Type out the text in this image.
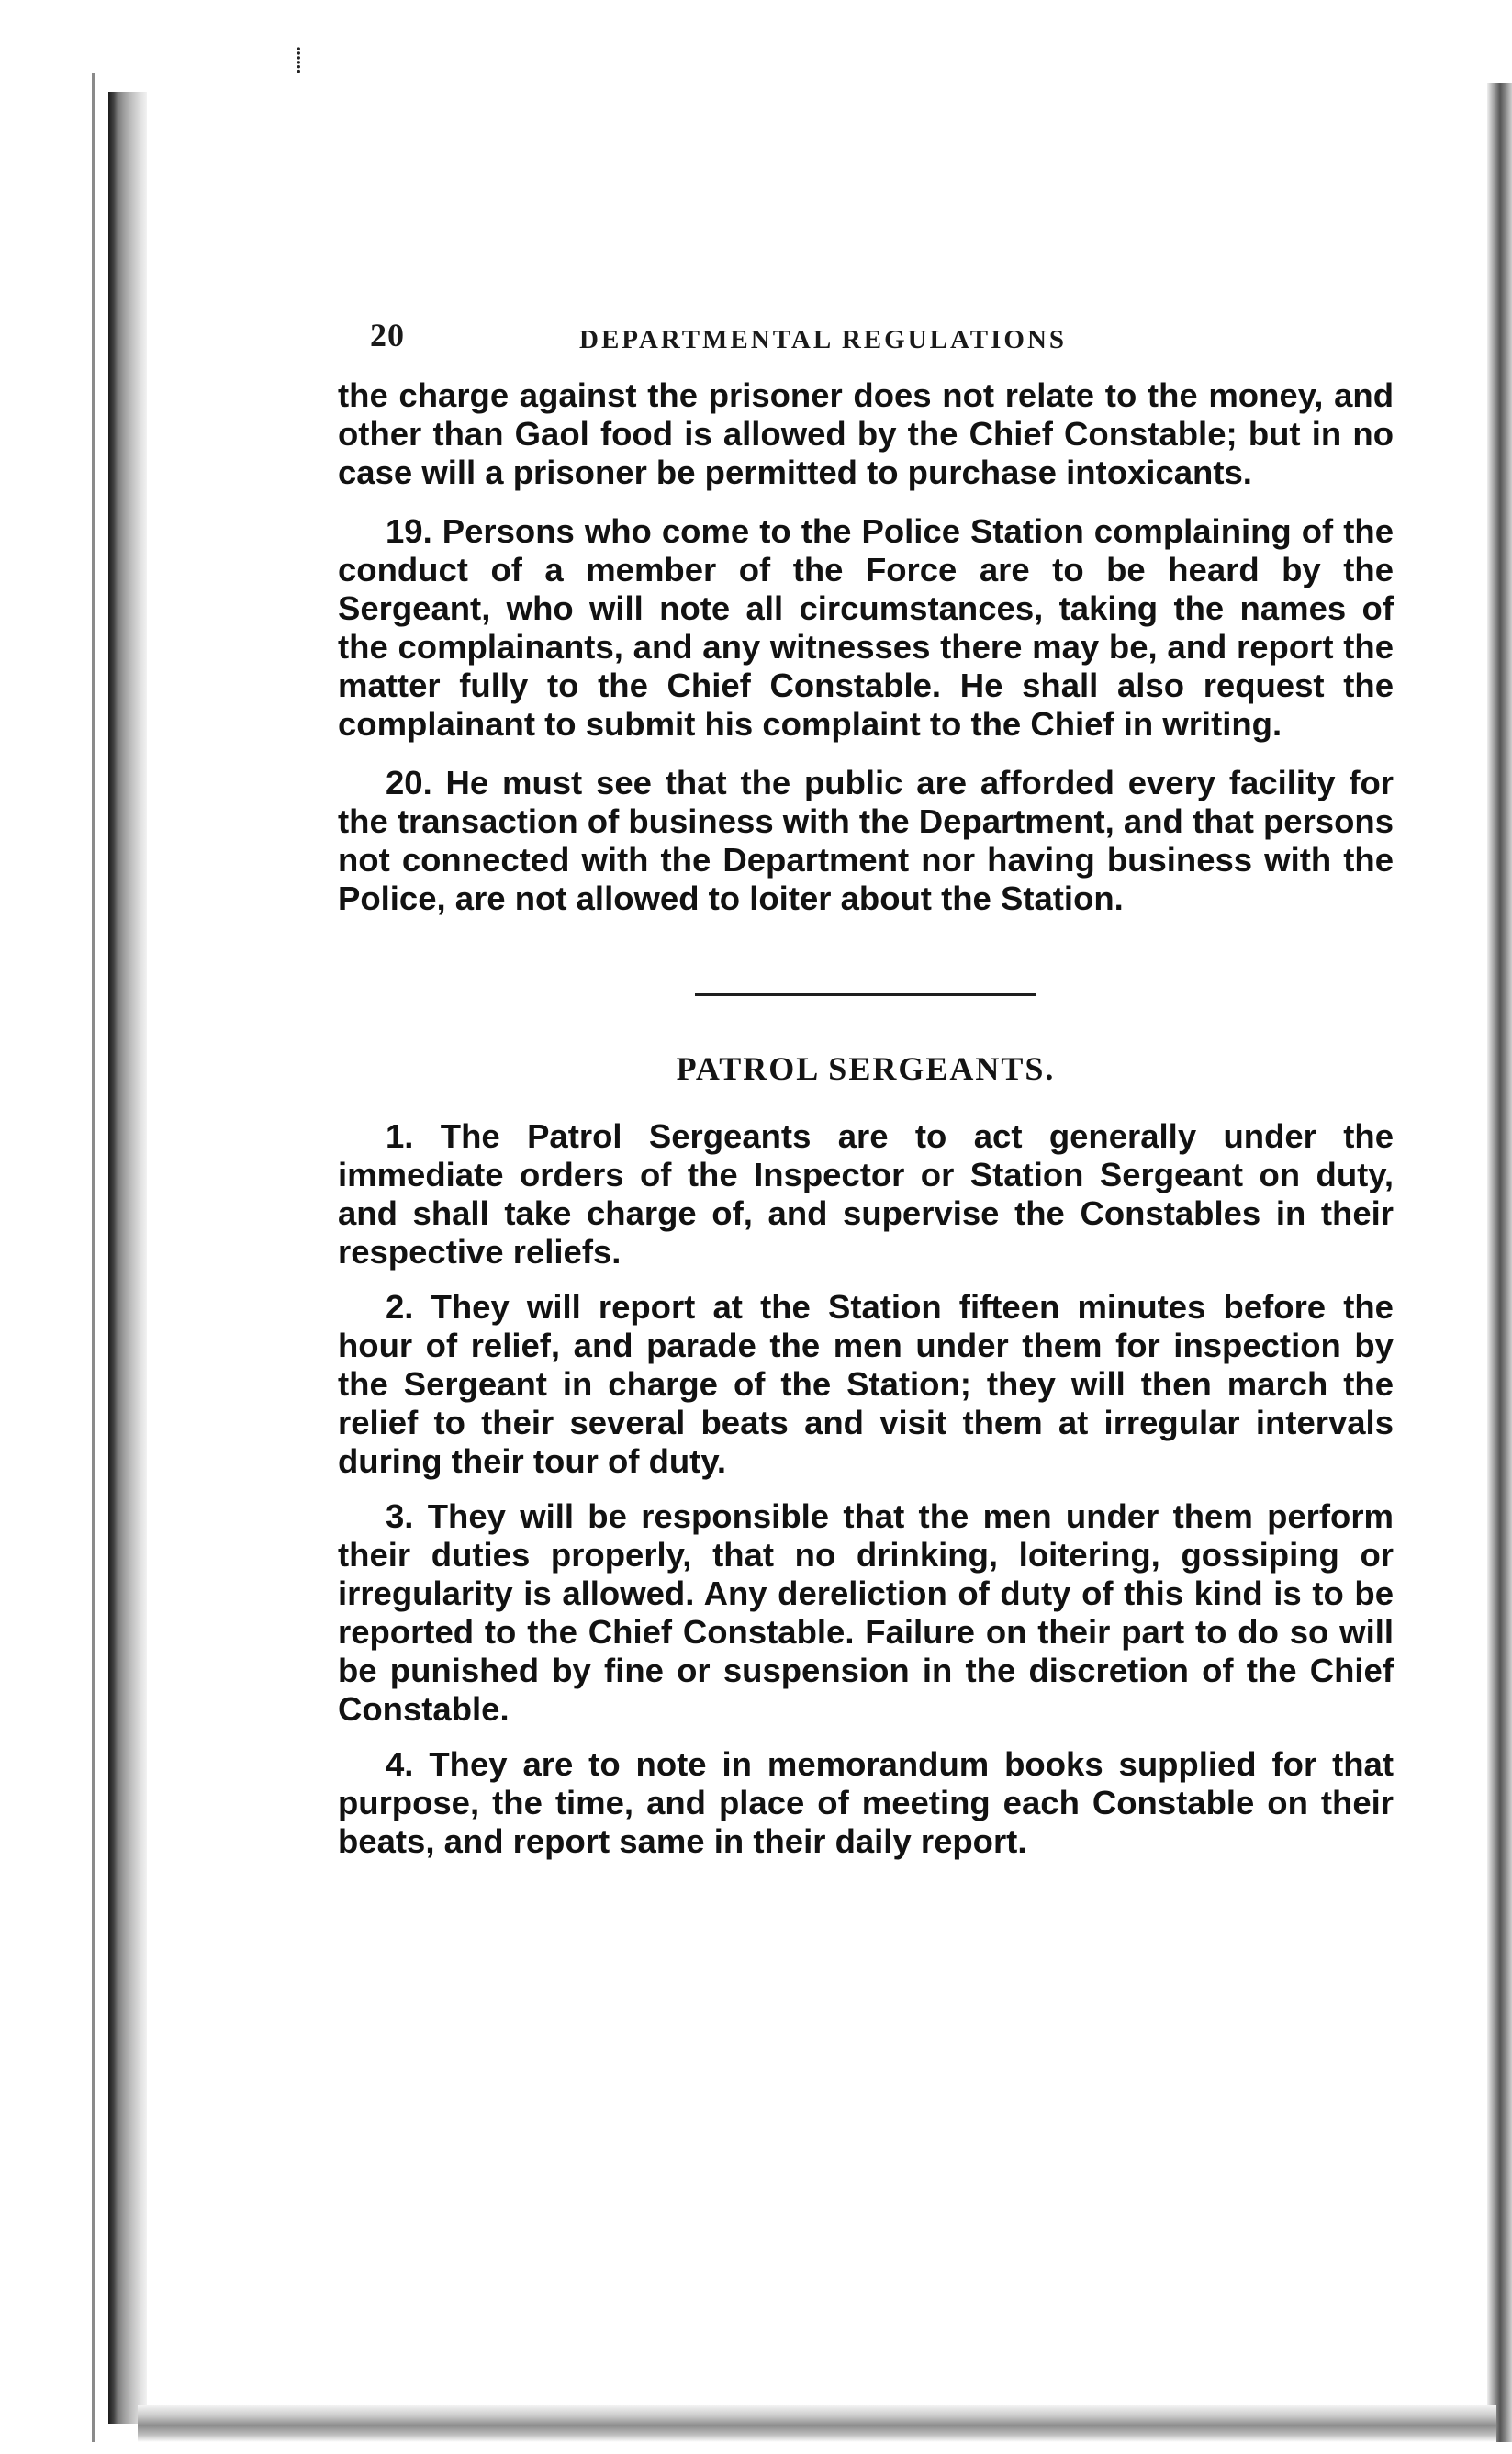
⸽
20	DEPARTMENTAL REGULATIONS

the charge against the prisoner does not relate to the money, and other than Gaol food is allowed by the Chief Constable; but in no case will a prisoner be permitted to purchase intoxicants.

19. Persons who come to the Police Station complaining of the conduct of a member of the Force are to be heard by the Sergeant, who will note all circumstances, taking the names of the complainants, and any witnesses there may be, and report the matter fully to the Chief Constable. He shall also request the complainant to submit his complaint to the Chief in writing.

20. He must see that the public are afforded every facility for the transaction of business with the Department, and that persons not connected with the Department nor having business with the Police, are not allowed to loiter about the Station.

PATROL SERGEANTS.

1. The Patrol Sergeants are to act generally under the immediate orders of the Inspector or Station Sergeant on duty, and shall take charge of, and supervise the Constables in their respective reliefs.

2. They will report at the Station fifteen minutes before the hour of relief, and parade the men under them for inspection by the Sergeant in charge of the Station; they will then march the relief to their several beats and visit them at irregular intervals during their tour of duty.

3. They will be responsible that the men under them perform their duties properly, that no drinking, loitering, gossiping or irregularity is allowed. Any dereliction of duty of this kind is to be reported to the Chief Constable. Failure on their part to do so will be punished by fine or suspension in the discretion of the Chief Constable.

4. They are to note in memorandum books supplied for that purpose, the time, and place of meeting each Constable on their beats, and report same in their daily report.
